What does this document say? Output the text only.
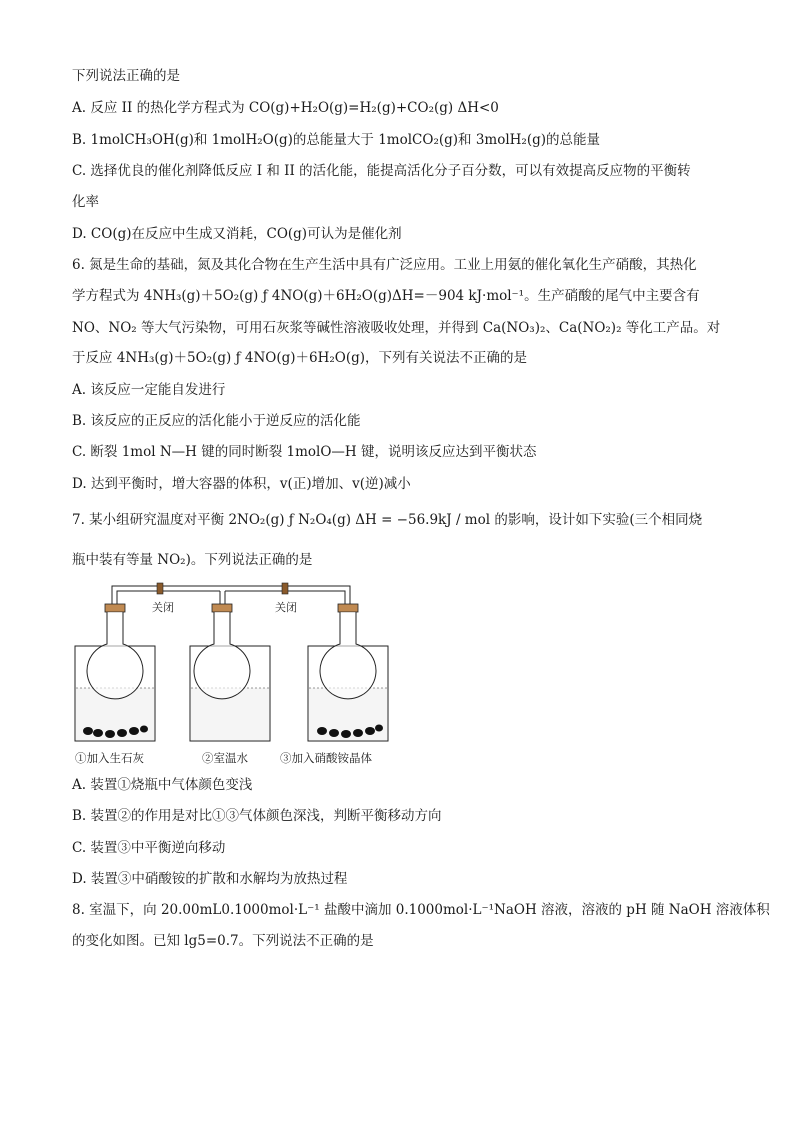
下列说法正确的是
A. 反应 II 的热化学方程式为 CO(g)+H₂O(g)=H₂(g)+CO₂(g) ΔH<0
B. 1molCH₃OH(g)和 1molH₂O(g)的总能量大于 1molCO₂(g)和 3molH₂(g)的总能量
C. 选择优良的催化剂降低反应 I 和 II 的活化能，能提高活化分子百分数，可以有效提高反应物的平衡转
化率
D. CO(g)在反应中生成又消耗，CO(g)可认为是催化剂
6. 氮是生命的基础，氮及其化合物在生产生活中具有广泛应用。工业上用氨的催化氧化生产硝酸，其热化
学方程式为 4NH₃(g)＋5O₂(g) ƒ 4NO(g)＋6H₂O(g)ΔH=－904 kJ·mol⁻¹。生产硝酸的尾气中主要含有
NO、NO₂ 等大气污染物，可用石灰浆等碱性溶液吸收处理，并得到 Ca(NO₃)₂、Ca(NO₂)₂ 等化工产品。对
于反应 4NH₃(g)＋5O₂(g) ƒ 4NO(g)＋6H₂O(g)，下列有关说法不正确的是
A. 该反应一定能自发进行
B. 该反应的正反应的活化能小于逆反应的活化能
C. 断裂 1mol N—H 键的同时断裂 1molO—H 键，说明该反应达到平衡状态
D. 达到平衡时，增大容器的体积，v(正)增加、v(逆)减小
7. 某小组研究温度对平衡 2NO₂(g) ƒ N₂O₄(g) ΔH = −56.9kJ / mol 的影响，设计如下实验(三个相同烧
瓶中装有等量 NO₂)。下列说法正确的是
A. 装置①烧瓶中气体颜色变浅
B. 装置②的作用是对比①③气体颜色深浅，判断平衡移动方向
C. 装置③中平衡逆向移动
D. 装置③中硝酸铵的扩散和水解均为放热过程
8. 室温下，向 20.00mL0.1000mol·L⁻¹ 盐酸中滴加 0.1000mol·L⁻¹NaOH 溶液，溶液的 pH 随 NaOH 溶液体积
的变化如图。已知 lg5=0.7。下列说法不正确的是
关闭	关闭
①加入生石灰	②室温水	③加入硝酸铵晶体
